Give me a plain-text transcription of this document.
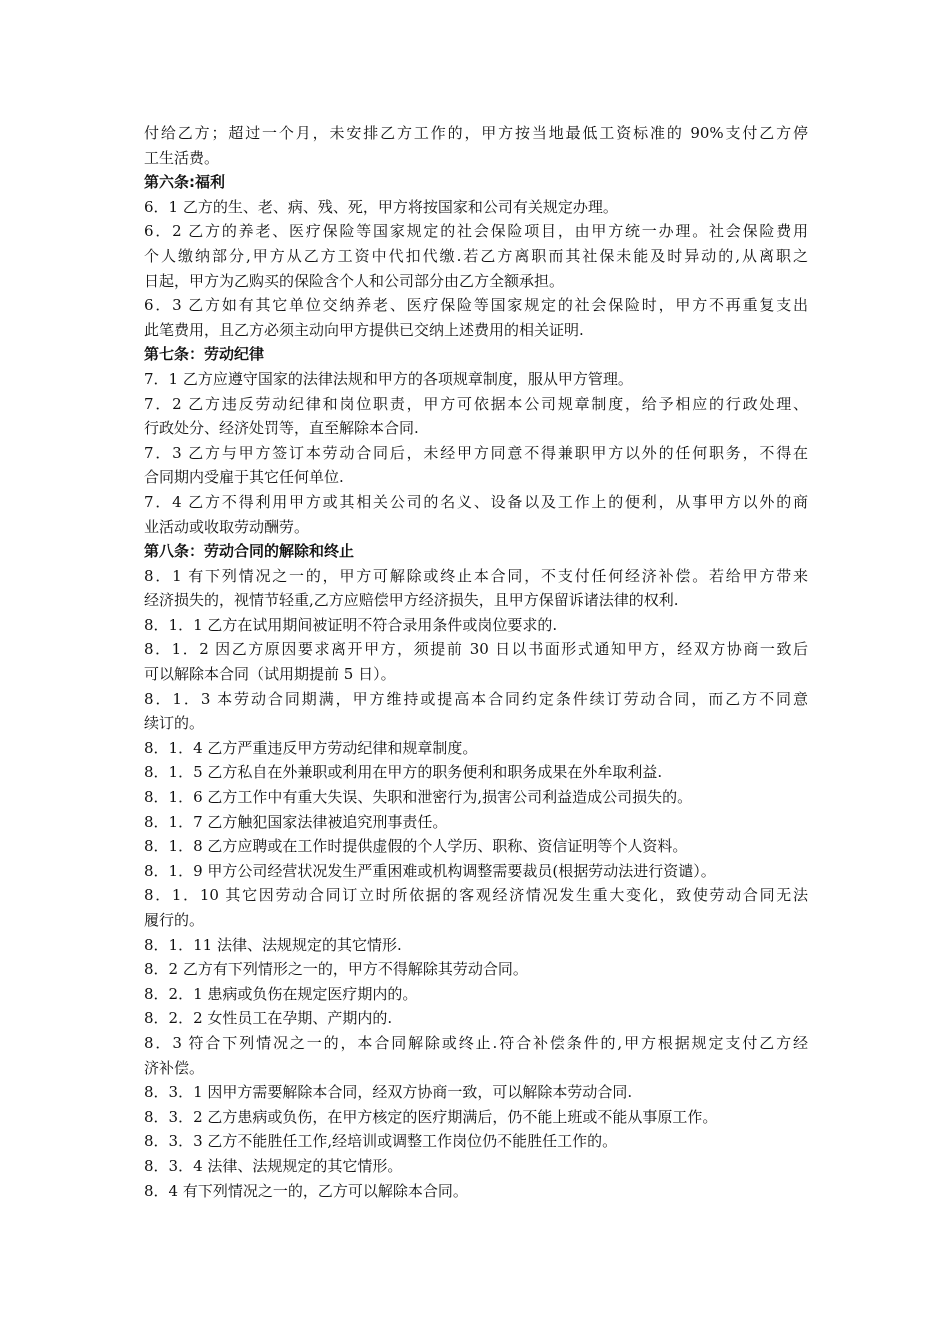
付给乙方；超过一个月，未安排乙方工作的，甲方按当地最低工资标准的 90%支付乙方停
工生活费。
第六条:福利
6．1 乙方的生、老、病、残、死，甲方将按国家和公司有关规定办理。
6．2 乙方的养老、医疗保险等国家规定的社会保险项目，由甲方统一办理。社会保险费用
个人缴纳部分,甲方从乙方工资中代扣代缴.若乙方离职而其社保未能及时异动的,从离职之
日起，甲方为乙购买的保险含个人和公司部分由乙方全额承担。
6．3 乙方如有其它单位交纳养老、医疗保险等国家规定的社会保险时，甲方不再重复支出
此笔费用，且乙方必须主动向甲方提供已交纳上述费用的相关证明.
第七条：劳动纪律
7．1 乙方应遵守国家的法律法规和甲方的各项规章制度，服从甲方管理。
7．2 乙方违反劳动纪律和岗位职责，甲方可依据本公司规章制度，给予相应的行政处理、
行政处分、经济处罚等，直至解除本合同.
7．3 乙方与甲方签订本劳动合同后，未经甲方同意不得兼职甲方以外的任何职务，不得在
合同期内受雇于其它任何单位.
7．4 乙方不得利用甲方或其相关公司的名义、设备以及工作上的便利，从事甲方以外的商
业活动或收取劳动酬劳。
第八条：劳动合同的解除和终止
8．1 有下列情况之一的，甲方可解除或终止本合同，不支付任何经济补偿。若给甲方带来
经济损失的，视情节轻重,乙方应赔偿甲方经济损失，且甲方保留诉诸法律的权利.
8．1．1 乙方在试用期间被证明不符合录用条件或岗位要求的.
8．1．2 因乙方原因要求离开甲方，须提前 30 日以书面形式通知甲方，经双方协商一致后
可以解除本合同（试用期提前 5 日）。
8．1．3 本劳动合同期满，甲方维持或提高本合同约定条件续订劳动合同，而乙方不同意
续订的。
8．1．4 乙方严重违反甲方劳动纪律和规章制度。
8．1．5 乙方私自在外兼职或利用在甲方的职务便利和职务成果在外牟取利益.
8．1．6 乙方工作中有重大失误、失职和泄密行为,损害公司利益造成公司损失的。
8．1．7 乙方触犯国家法律被追究刑事责任。
8．1．8 乙方应聘或在工作时提供虚假的个人学历、职称、资信证明等个人资料。
8．1．9 甲方公司经营状况发生严重困难或机构调整需要裁员(根据劳动法进行资谴）。
8．1．10 其它因劳动合同订立时所依据的客观经济情况发生重大变化，致使劳动合同无法
履行的。
8．1．11 法律、法规规定的其它情形.
8．2 乙方有下列情形之一的，甲方不得解除其劳动合同。
8．2．1 患病或负伤在规定医疗期内的。
8．2．2 女性员工在孕期、产期内的.
8．3 符合下列情况之一的，本合同解除或终止.符合补偿条件的,甲方根据规定支付乙方经
济补偿。
8．3．1 因甲方需要解除本合同，经双方协商一致，可以解除本劳动合同.
8．3．2 乙方患病或负伤，在甲方核定的医疗期满后，仍不能上班或不能从事原工作。
8．3．3 乙方不能胜任工作,经培训或调整工作岗位仍不能胜任工作的。
8．3．4 法律、法规规定的其它情形。
8．4 有下列情况之一的，乙方可以解除本合同。
